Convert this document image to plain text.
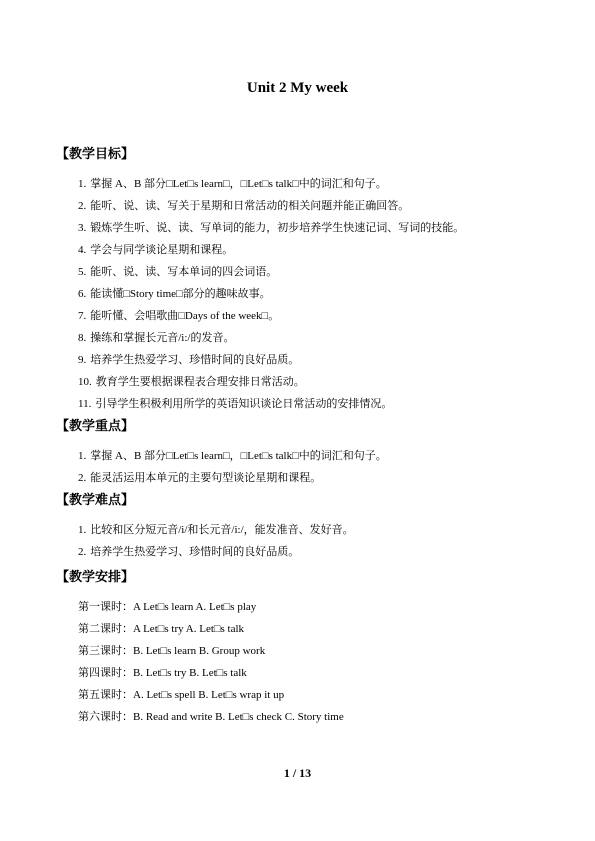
Unit 2 My week
【教学目标】
1. 掌握 A、B 部分□Let□s learn□，□Let□s talk□中的词汇和句子。
2. 能听、说、读、写关于星期和日常活动的相关问题并能正确回答。
3. 锻炼学生听、说、读、写单词的能力，初步培养学生快速记词、写词的技能。
4. 学会与同学谈论星期和课程。
5. 能听、说、读、写本单词的四会词语。
6. 能读懂□Story time□部分的趣味故事。
7. 能听懂、会唱歌曲□Days of the week□。
8. 操练和掌握长元音/i:/的发音。
9. 培养学生热爱学习、珍惜时间的良好品质。
10. 教育学生要根据课程表合理安排日常活动。
11. 引导学生积极利用所学的英语知识谈论日常活动的安排情况。
【教学重点】
1. 掌握 A、B 部分□Let□s learn□，□Let□s talk□中的词汇和句子。
2. 能灵活运用本单元的主要句型谈论星期和课程。
【教学难点】
1. 比较和区分短元音/i/和长元音/i:/，能发准音、发好音。
2. 培养学生热爱学习、珍惜时间的良好品质。
【教学安排】
第一课时：A Let□s learn A. Let□s play
第二课时：A Let□s try A. Let□s talk
第三课时：B. Let□s learn B. Group work
第四课时：B. Let□s try B. Let□s talk
第五课时：A. Let□s spell B. Let□s wrap it up
第六课时：B. Read and write B. Let□s check C. Story time
1 / 13
